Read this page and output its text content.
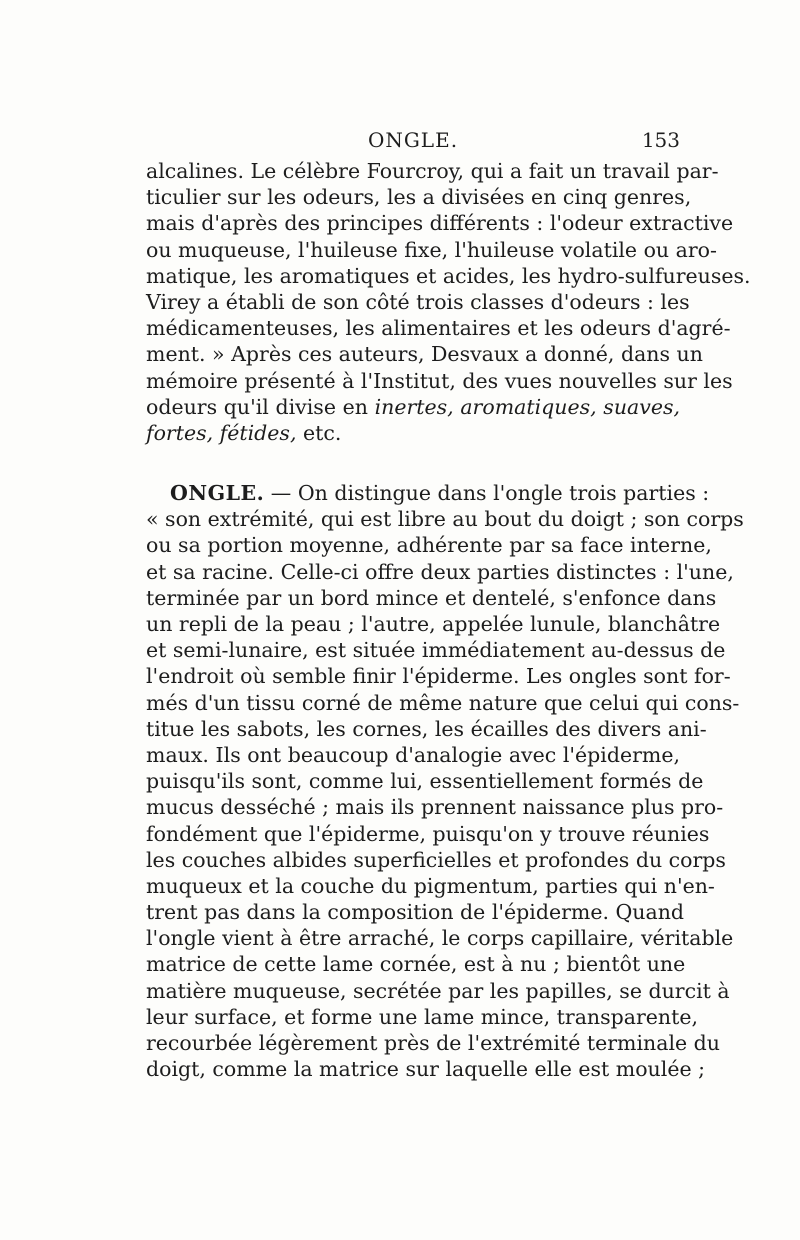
ONGLE.	153
alcalines. Le célèbre Fourcroy, qui a fait un travail par-
ticulier sur les odeurs, les a divisées en cinq genres,
mais d'après des principes différents : l'odeur extractive
ou muqueuse, l'huileuse fixe, l'huileuse volatile ou aro-
matique, les aromatiques et acides, les hydro-sulfureuses.
Virey a établi de son côté trois classes d'odeurs : les
médicamenteuses, les alimentaires et les odeurs d'agré-
ment. » Après ces auteurs, Desvaux a donné, dans un
mémoire présenté à l'Institut, des vues nouvelles sur les
odeurs qu'il divise en inertes, aromatiques, suaves,
fortes, fétides, etc.
ONGLE. — On distingue dans l'ongle trois parties :
« son extrémité, qui est libre au bout du doigt ; son corps
ou sa portion moyenne, adhérente par sa face interne,
et sa racine. Celle-ci offre deux parties distinctes : l'une,
terminée par un bord mince et dentelé, s'enfonce dans
un repli de la peau ; l'autre, appelée lunule, blanchâtre
et semi-lunaire, est située immédiatement au-dessus de
l'endroit où semble finir l'épiderme. Les ongles sont for-
més d'un tissu corné de même nature que celui qui cons-
titue les sabots, les cornes, les écailles des divers ani-
maux. Ils ont beaucoup d'analogie avec l'épiderme,
puisqu'ils sont, comme lui, essentiellement formés de
mucus desséché ; mais ils prennent naissance plus pro-
fondément que l'épiderme, puisqu'on y trouve réunies
les couches albides superficielles et profondes du corps
muqueux et la couche du pigmentum, parties qui n'en-
trent pas dans la composition de l'épiderme. Quand
l'ongle vient à être arraché, le corps capillaire, véritable
matrice de cette lame cornée, est à nu ; bientôt une
matière muqueuse, secrétée par les papilles, se durcit à
leur surface, et forme une lame mince, transparente,
recourbée légèrement près de l'extrémité terminale du
doigt, comme la matrice sur laquelle elle est moulée ;
